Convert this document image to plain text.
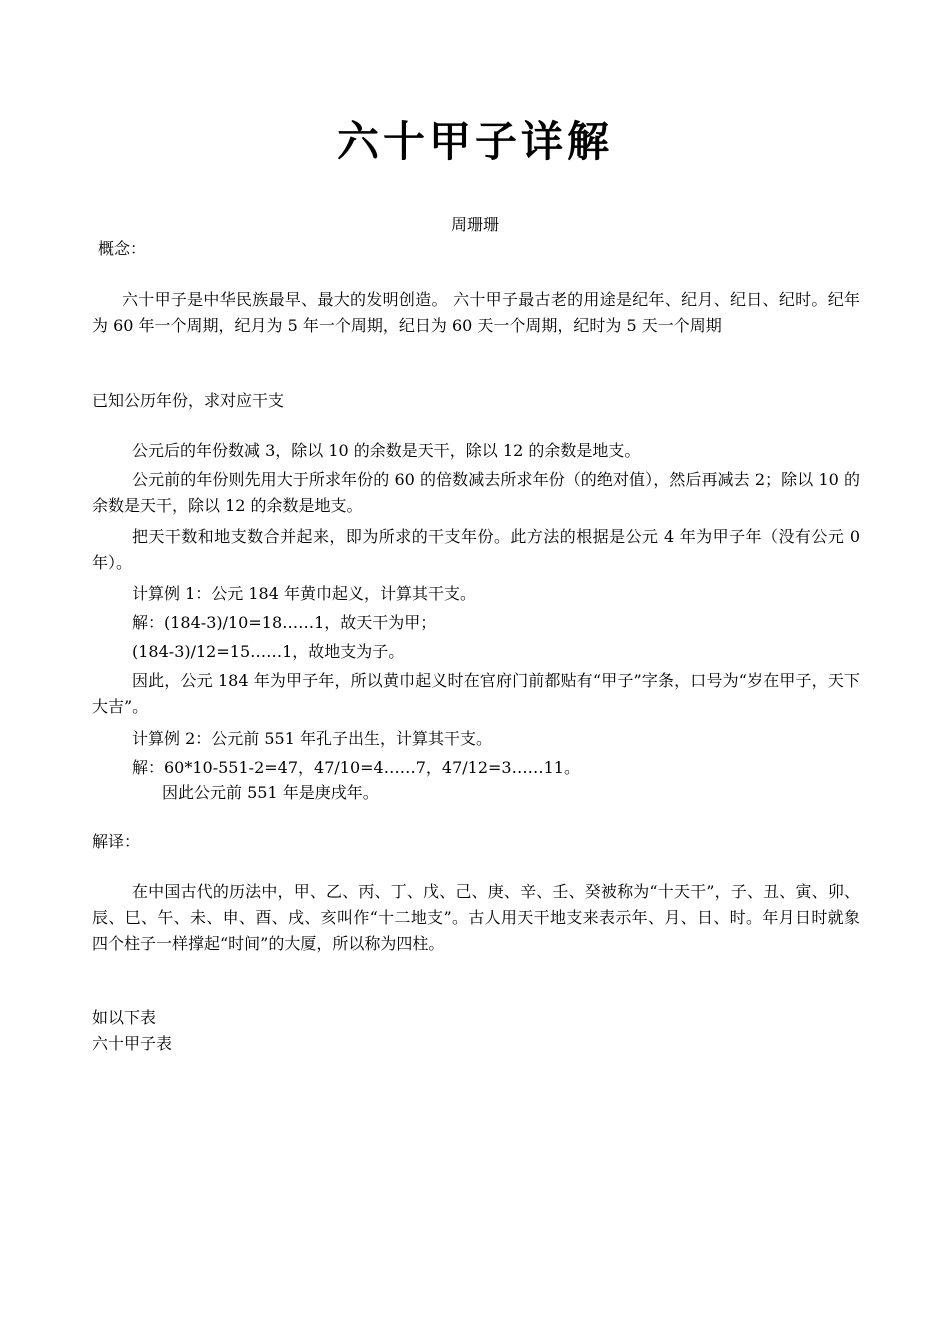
六十甲子详解
周珊珊
概念：

六十甲子是中华民族最早、最大的发明创造。 六十甲子最古老的用途是纪年、纪月、纪日、纪时。纪年为 60 年一个周期，纪月为 5 年一个周期，纪日为 60 天一个周期，纪时为 5 天一个周期

已知公历年份，求对应干支

公元后的年份数减 3，除以 10 的余数是天干，除以 12 的余数是地支。

公元前的年份则先用大于所求年份的 60 的倍数减去所求年份（的绝对值），然后再减去 2；除以 10 的余数是天干，除以 12 的余数是地支。

把天干数和地支数合并起来，即为所求的干支年份。此方法的根据是公元 4 年为甲子年（没有公元 0 年）。

计算例 1：公元 184 年黄巾起义，计算其干支。

解：(184-3)/10=18……1，故天干为甲；

(184-3)/12=15……1，故地支为子。

因此，公元 184 年为甲子年，所以黄巾起义时在官府门前都贴有“甲子”字条，口号为“岁在甲子，天下大吉”。

计算例 2：公元前 551 年孔子出生，计算其干支。

解：60*10-551-2=47，47/10=4……7，47/12=3……11。

因此公元前 551 年是庚戌年。

解译：

在中国古代的历法中，甲、乙、丙、丁、戊、己、庚、辛、壬、癸被称为“十天干”，子、丑、寅、卯、辰、巳、午、未、申、酉、戌、亥叫作“十二地支”。古人用天干地支来表示年、月、日、时。年月日时就象四个柱子一样撑起“时间”的大厦，所以称为四柱。

如以下表

六十甲子表
